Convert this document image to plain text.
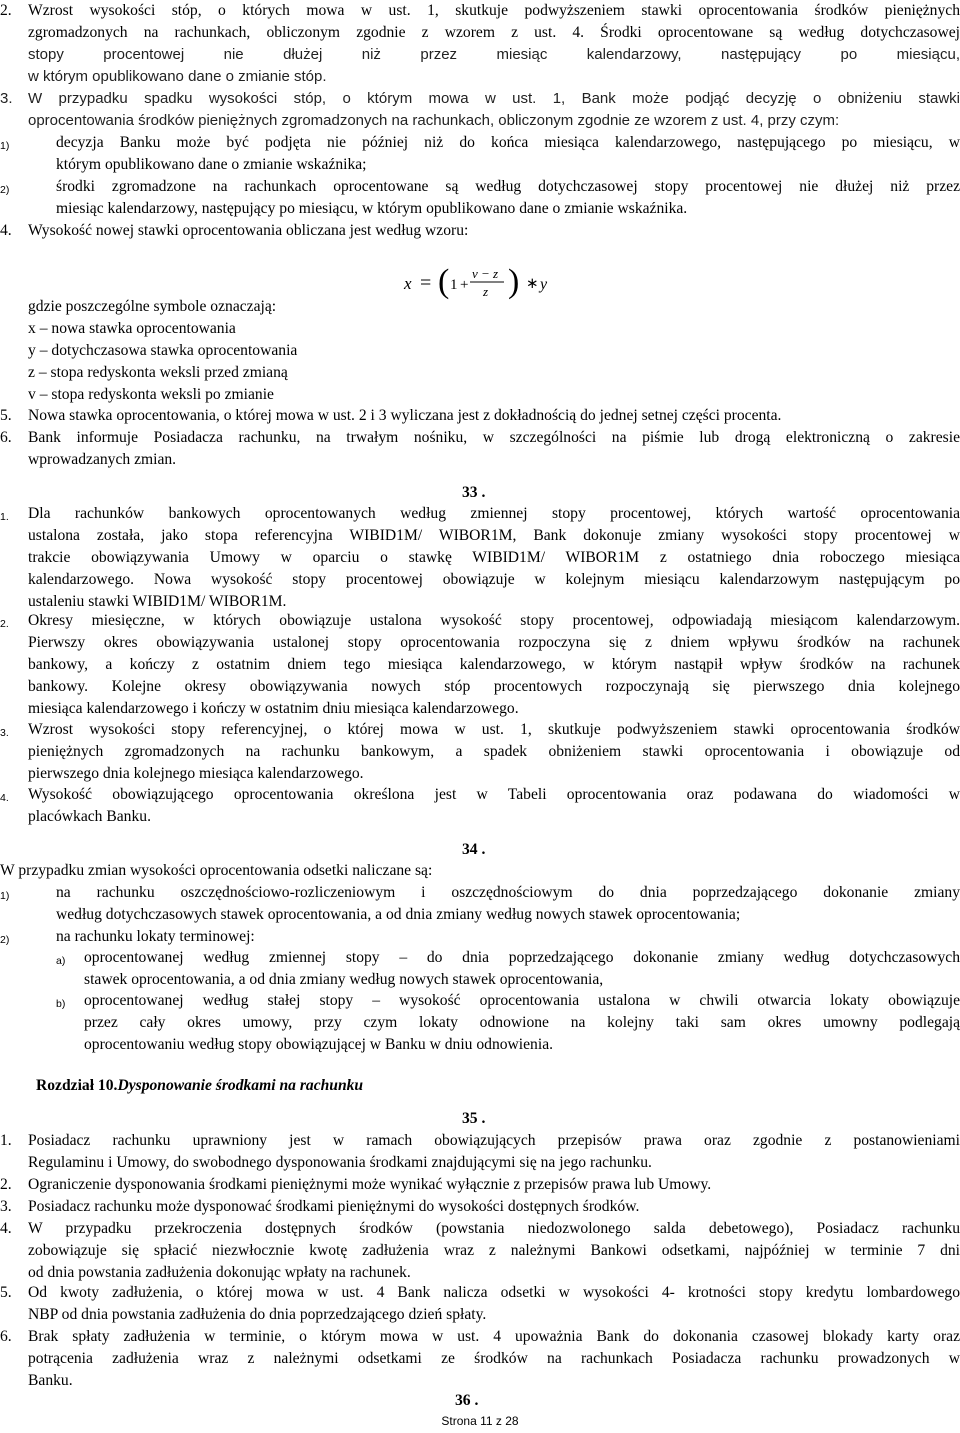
2. Wzrost wysokości stóp, o których mowa w ust. 1, skutkuje podwyższeniem stawki oprocentowania środków pieniężnych
zgromadzonych na rachunkach, obliczonym zgodnie z wzorem z ust. 4. Środki oprocentowane są według dotychczasowej
stopy procentowej nie dłużej niż przez miesiąc kalendarzowy, następujący po miesiącu,
w którym opublikowano dane o zmianie stóp.
3. W przypadku spadku wysokości stóp, o którym mowa w ust. 1, Bank może podjąć decyzję o obniżeniu stawki
oprocentowania środków pieniężnych zgromadzonych na rachunkach, obliczonym zgodnie ze wzorem z ust. 4, przy czym:
1)	decyzja Banku może być podjęta nie później niż do końca miesiąca kalendarzowego, następującego po miesiącu, w
którym opublikowano dane o zmianie wskaźnika;
2)	środki zgromadzone na rachunkach oprocentowane są według dotychczasowej stopy procentowej nie dłużej niż przez
miesiąc kalendarzowy, następujący po miesiącu, w którym opublikowano dane o zmianie wskaźnika.
4. Wysokość nowej stawki oprocentowania obliczana jest według wzoru:
x = ( 1 +
v − z
z ) ∗ y
gdzie poszczególne symbole oznaczają:
x – nowa stawka oprocentowania
y – dotychczasowa stawka oprocentowania
z – stopa redyskonta weksli przed zmianą
v – stopa redyskonta weksli po zmianie
5. Nowa stawka oprocentowania, o której mowa w ust. 2 i 3 wyliczana jest z dokładnością do jednej setnej części procenta.
6. Bank informuje Posiadacza rachunku, na trwałym nośniku, w szczególności na piśmie lub drogą elektroniczną o zakresie
wprowadzanych zmian.
33 .
1. Dla rachunków bankowych oprocentowanych według zmiennej stopy procentowej, których wartość oprocentowania
ustalona została, jako stopa referencyjna WIBID1M/ WIBOR1M, Bank dokonuje zmiany wysokości stopy procentowej w
trakcie obowiązywania Umowy w oparciu o stawkę WIBID1M/ WIBOR1M z ostatniego dnia roboczego miesiąca
kalendarzowego. Nowa wysokość stopy procentowej obowiązuje w kolejnym miesiącu kalendarzowym następującym po
ustaleniu stawki WIBID1M/ WIBOR1M.
2. Okresy miesięczne, w których obowiązuje ustalona wysokość stopy procentowej, odpowiadają miesiącom kalendarzowym.
Pierwszy okres obowiązywania ustalonej stopy oprocentowania rozpoczyna się z dniem wpływu środków na rachunek
bankowy, a kończy z ostatnim dniem tego miesiąca kalendarzowego, w którym nastąpił wpływ środków na rachunek
bankowy. Kolejne okresy obowiązywania nowych stóp procentowych rozpoczynają się pierwszego dnia kolejnego
miesiąca kalendarzowego i kończy w ostatnim dniu miesiąca kalendarzowego.
3. Wzrost wysokości stopy referencyjnej, o której mowa w ust. 1, skutkuje podwyższeniem stawki oprocentowania środków
pieniężnych zgromadzonych na rachunku bankowym, a spadek obniżeniem stawki oprocentowania i obowiązuje od
pierwszego dnia kolejnego miesiąca kalendarzowego.
4. Wysokość obowiązującego oprocentowania określona jest w Tabeli oprocentowania oraz podawana do wiadomości w
placówkach Banku.
34 .
W przypadku zmian wysokości oprocentowania odsetki naliczane są:
1)	na rachunku oszczędnościowo-rozliczeniowym i oszczędnościowym do dnia poprzedzającego dokonanie zmiany
według dotychczasowych stawek oprocentowania, a od dnia zmiany według nowych stawek oprocentowania;
2)	na rachunku lokaty terminowej:
a) oprocentowanej według zmiennej stopy – do dnia poprzedzającego dokonanie zmiany według dotychczasowych
stawek oprocentowania, a od dnia zmiany według nowych stawek oprocentowania,
b) oprocentowanej według stałej stopy – wysokość oprocentowania ustalona w chwili otwarcia lokaty obowiązuje
przez cały okres umowy, przy czym lokaty odnowione na kolejny taki sam okres umowny podlegają
oprocentowaniu według stopy obowiązującej w Banku w dniu odnowienia.
Rozdział 10.Dysponowanie środkami na rachunku
35 .
1. Posiadacz rachunku uprawniony jest w ramach obowiązujących przepisów prawa oraz zgodnie z postanowieniami
Regulaminu i Umowy, do swobodnego dysponowania środkami znajdującymi się na jego rachunku.
2. Ograniczenie dysponowania środkami pieniężnymi może wynikać wyłącznie z przepisów prawa lub Umowy.
3. Posiadacz rachunku może dysponować środkami pieniężnymi do wysokości dostępnych środków.
4. W przypadku przekroczenia dostępnych środków (powstania niedozwolonego salda debetowego), Posiadacz rachunku
zobowiązuje się spłacić niezwłocznie kwotę zadłużenia wraz z należnymi Bankowi odsetkami, najpóźniej w terminie 7 dni
od dnia powstania zadłużenia dokonując wpłaty na rachunek.
5. Od kwoty zadłużenia, o której mowa w ust. 4 Bank nalicza odsetki w wysokości 4- krotności stopy kredytu lombardowego
NBP od dnia powstania zadłużenia do dnia poprzedzającego dzień spłaty.
6. Brak spłaty zadłużenia w terminie, o którym mowa w ust. 4 upoważnia Bank do dokonania czasowej blokady karty oraz
potrącenia zadłużenia wraz z należnymi odsetkami ze środków na rachunkach Posiadacza rachunku prowadzonych w
Banku.
36 .
Strona 11 z 28
